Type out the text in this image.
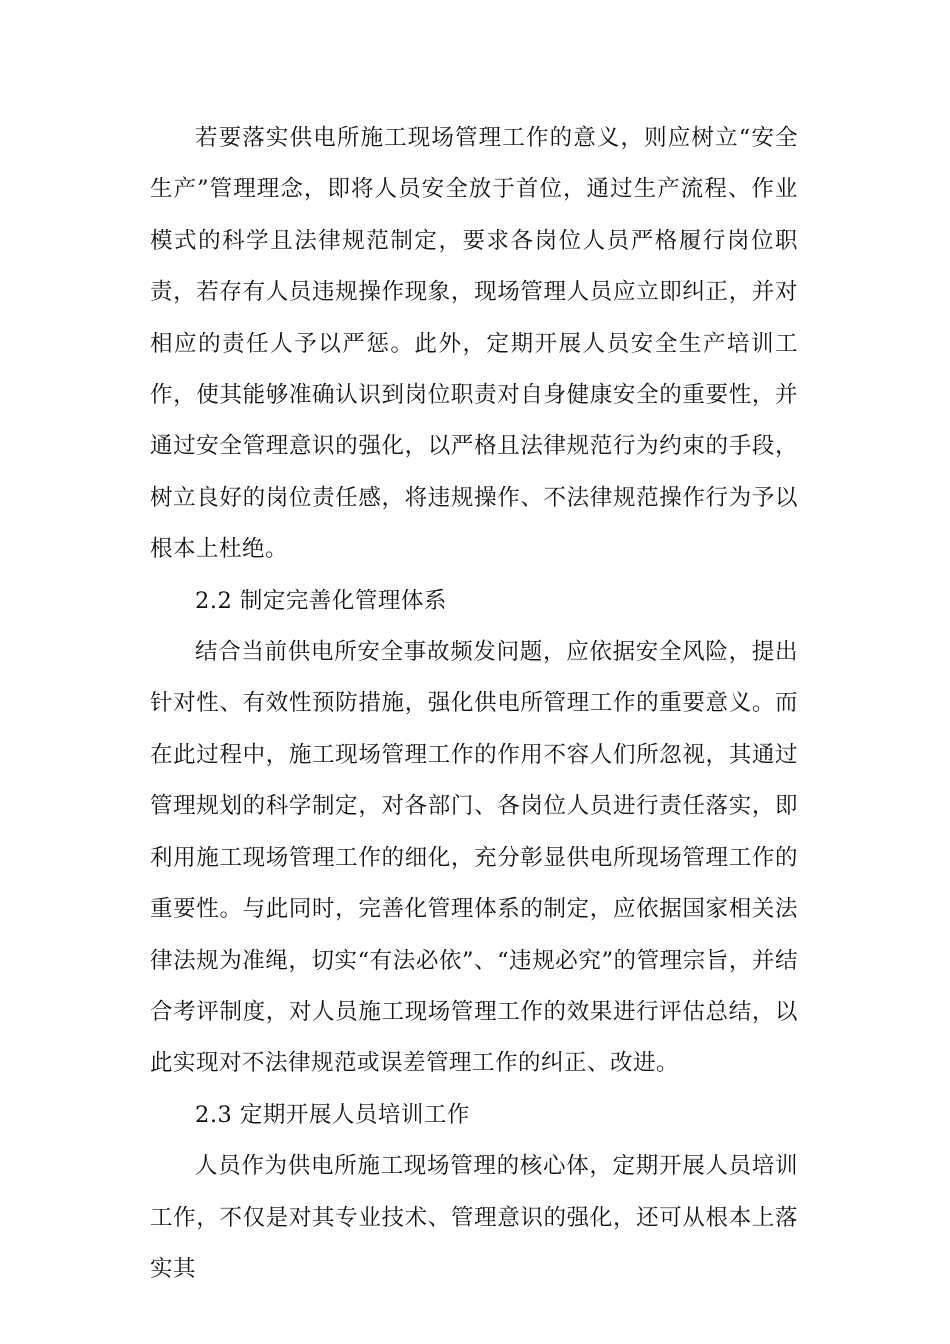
若要落实供电所施工现场管理工作的意义，则应树立“安全生产”管理理念，即将人员安全放于首位，通过生产流程、作业模式的科学且法律规范制定，要求各岗位人员严格履行岗位职责，若存有人员违规操作现象，现场管理人员应立即纠正，并对相应的责任人予以严惩。此外，定期开展人员安全生产培训工作，使其能够准确认识到岗位职责对自身健康安全的重要性，并通过安全管理意识的强化，以严格且法律规范行为约束的手段，树立良好的岗位责任感，将违规操作、不法律规范操作行为予以根本上杜绝。

2.2 制定完善化管理体系

结合当前供电所安全事故频发问题，应依据安全风险，提出针对性、有效性预防措施，强化供电所管理工作的重要意义。而在此过程中，施工现场管理工作的作用不容人们所忽视，其通过管理规划的科学制定，对各部门、各岗位人员进行责任落实，即利用施工现场管理工作的细化，充分彰显供电所现场管理工作的重要性。与此同时，完善化管理体系的制定，应依据国家相关法律法规为准绳，切实“有法必依”、“违规必究”的管理宗旨，并结合考评制度，对人员施工现场管理工作的效果进行评估总结，以此实现对不法律规范或误差管理工作的纠正、改进。

2.3 定期开展人员培训工作

人员作为供电所施工现场管理的核心体，定期开展人员培训工作，不仅是对其专业技术、管理意识的强化，还可从根本上落实其
